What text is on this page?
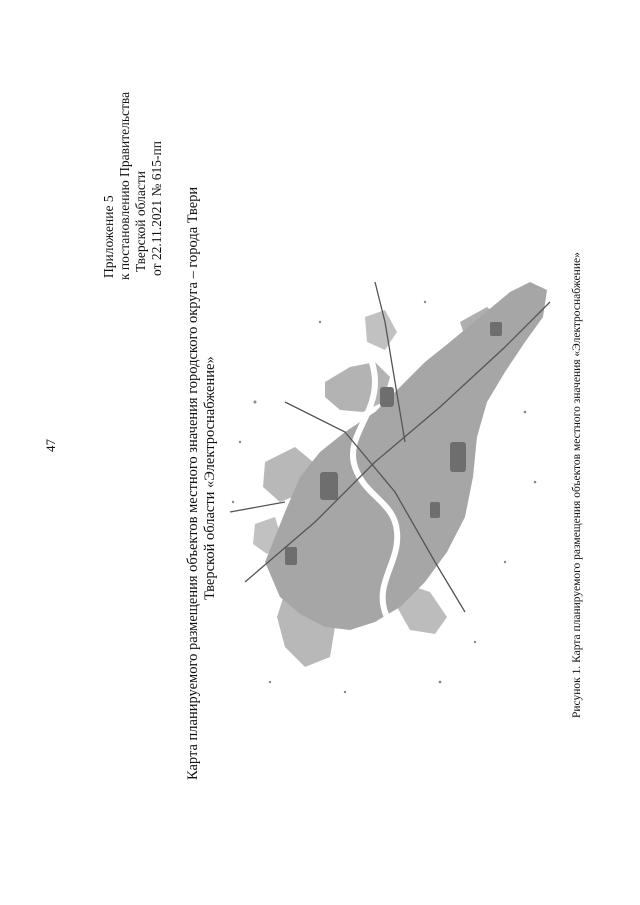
47
Приложение 5 к постановлению Правительства Тверской области от 22.11.2021 № 615-пп Карта планируемого размещения объектов местного значения городского округа – города Твери Тверской области «Электроснабжение»	Рисунок 1. Карта планируемого размещения объектов местного значения «Электроснабжение»
